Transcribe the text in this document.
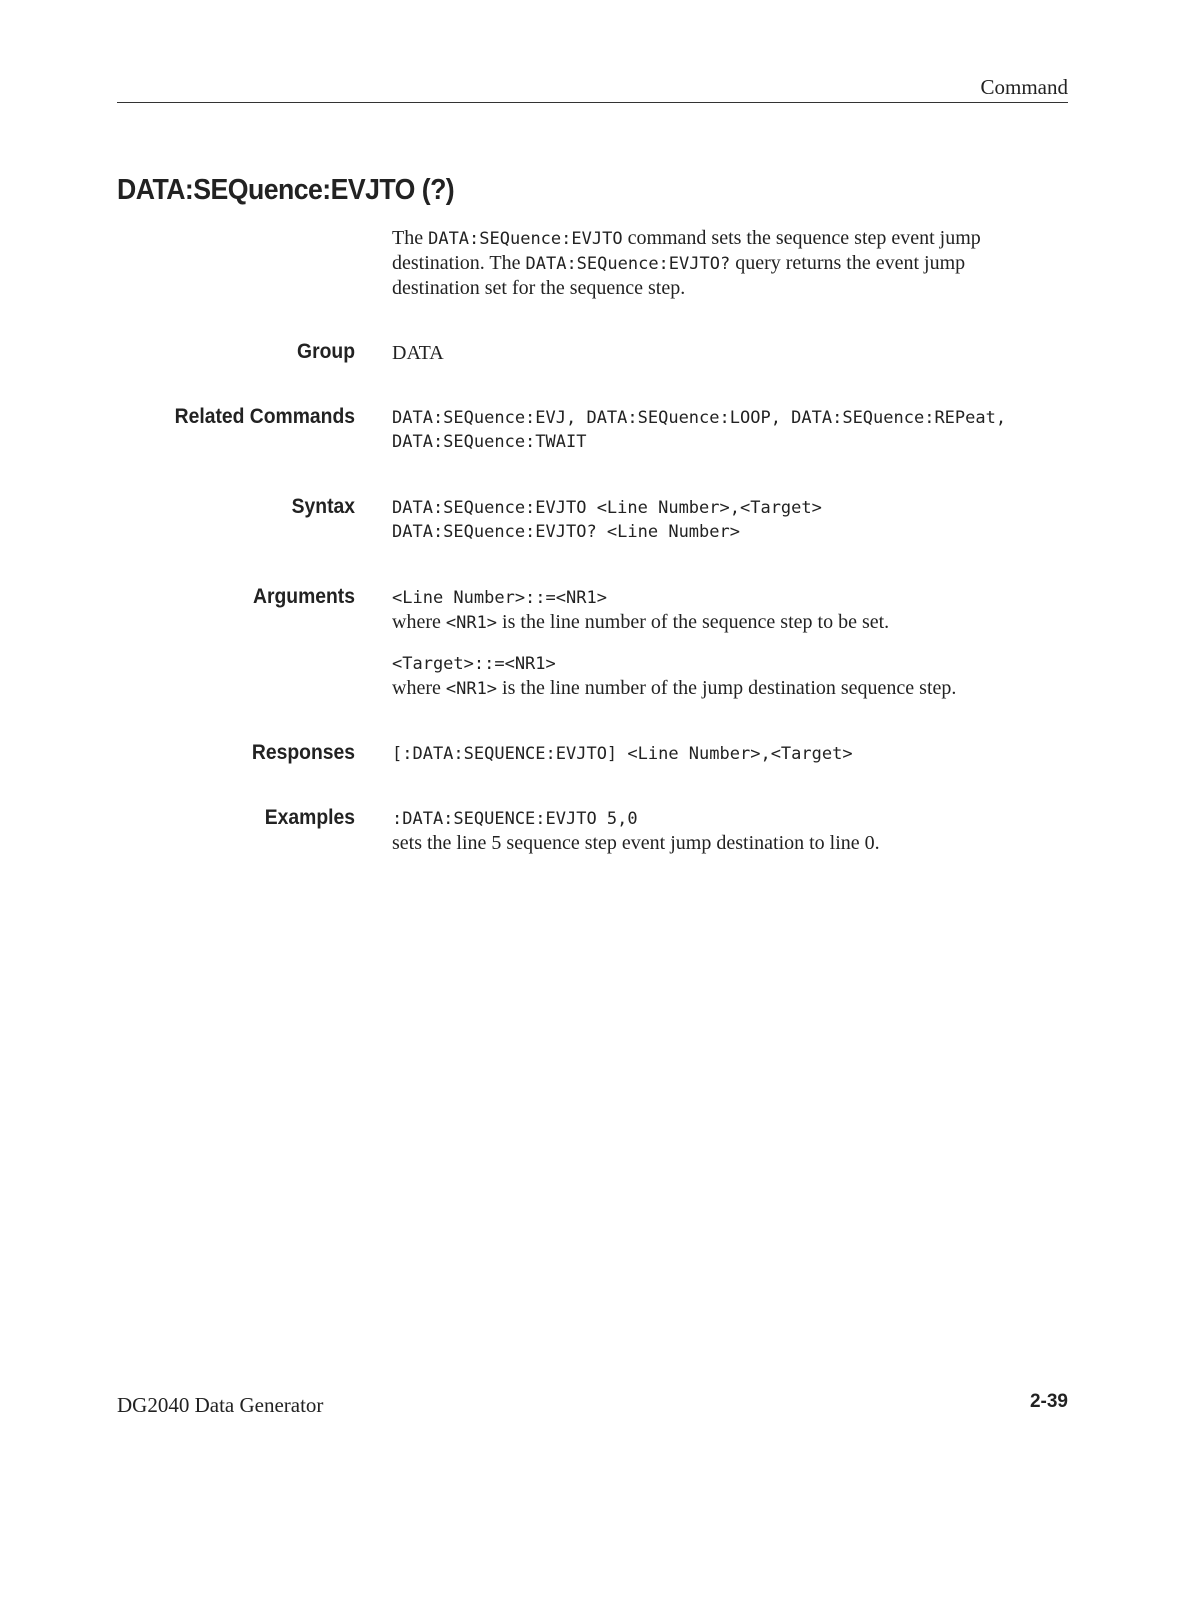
Command
DATA:SEQuence:EVJTO (?)
The DATA:SEQuence:EVJTO command sets the sequence step event jump destination. The DATA:SEQuence:EVJTO? query returns the event jump destination set for the sequence step.
Group DATA
Related Commands DATA:SEQuence:EVJ, DATA:SEQuence:LOOP, DATA:SEQuence:REPeat,
DATA:SEQuence:TWAIT
Syntax DATA:SEQuence:EVJTO <Line Number>,<Target>
DATA:SEQuence:EVJTO? <Line Number>
Arguments <Line Number>::=<NR1>
where <NR1> is the line number of the sequence step to be set.
<Target>::=<NR1>
where <NR1> is the line number of the jump destination sequence step.
Responses [:DATA:SEQUENCE:EVJTO] <Line Number>,<Target>
Examples :DATA:SEQUENCE:EVJTO 5,0
sets the line 5 sequence step event jump destination to line 0.
DG2040 Data Generator	2-39
